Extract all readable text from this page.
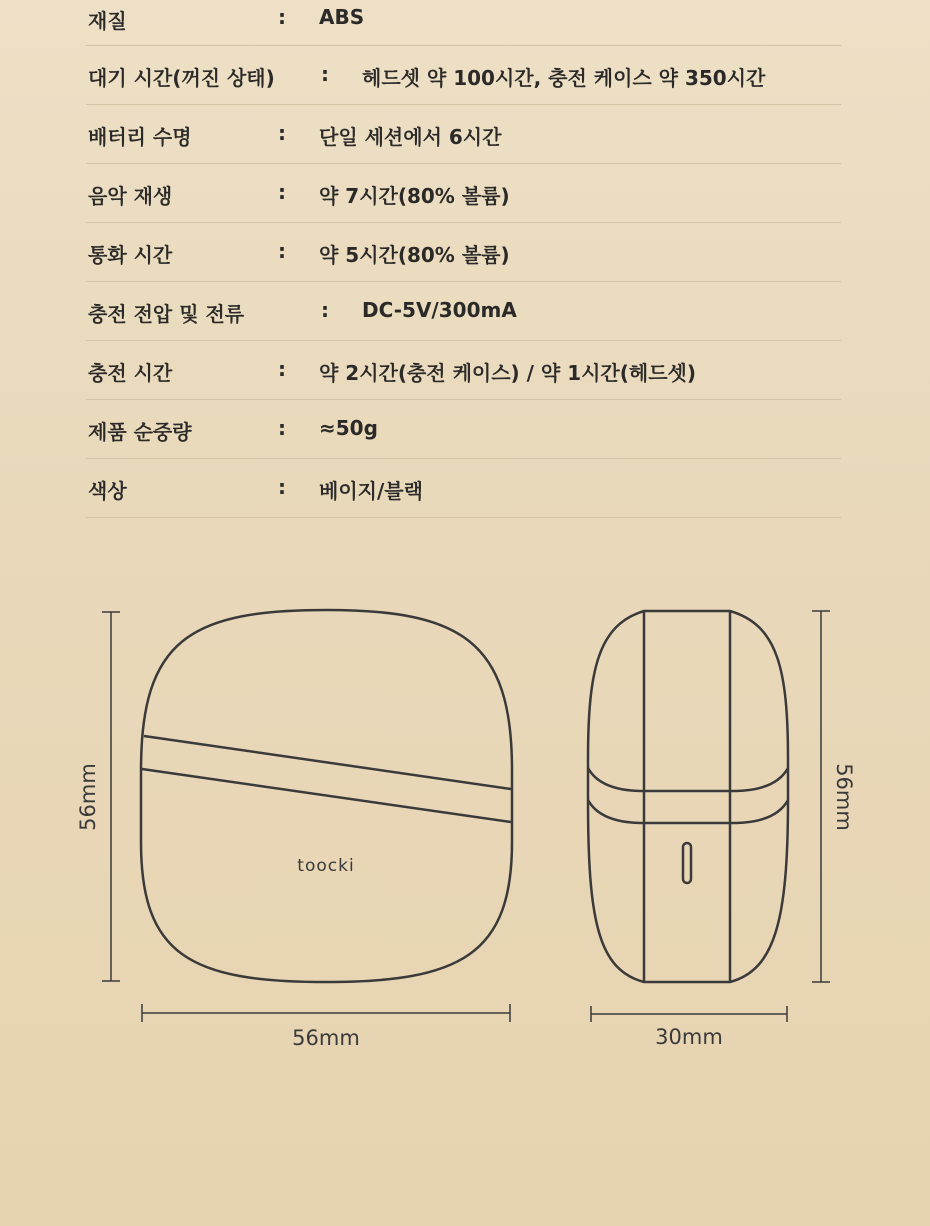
재질	: ABS
대기 시간(꺼진 상태) : 헤드셋 약 100시간, 충전 케이스 약 350시간
배터리 수명	: 단일 세션에서 6시간
음악 재생	: 약 7시간(80% 볼륨)
통화 시간	: 약 5시간(80% 볼륨)
충전 전압 및 전류	: DC-5V/300mA
충전 시간	: 약 2시간(충전 케이스) / 약 1시간(헤드셋)
제품 순중량	: ≈50g
색상	: 베이지/블랙
56mm
toocki
56mm
56mm
30mm
